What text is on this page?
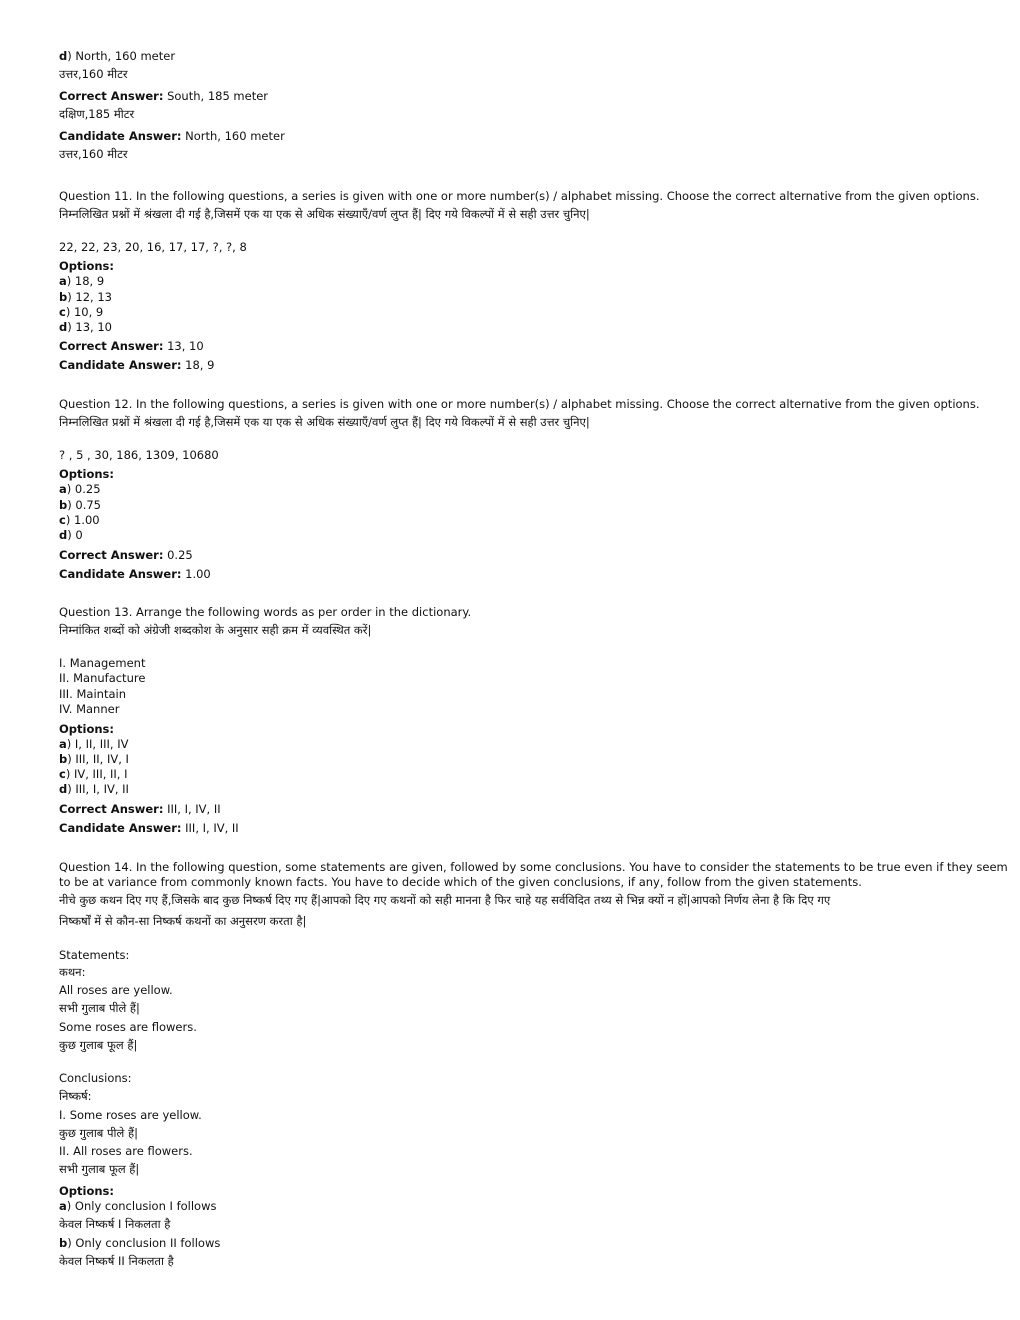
d) North, 160 meter
उत्तर,160 मीटर
Correct Answer: South, 185 meter
दक्षिण,185 मीटर
Candidate Answer: North, 160 meter
उत्तर,160 मीटर
Question 11. In the following questions, a series is given with one or more number(s) / alphabet missing. Choose the correct alternative from the given options.
निम्नलिखित प्रश्नों में श्रंखला दी गई है,जिसमें एक या एक से अधिक संख्याएँ/वर्ण लुप्त हैं| दिए गये विकल्पों में से सही उत्तर चुनिए|
22, 22, 23, 20, 16, 17, 17, ?, ?, 8
Options:
a) 18, 9
b) 12, 13
c) 10, 9
d) 13, 10
Correct Answer: 13, 10
Candidate Answer: 18, 9
Question 12. In the following questions, a series is given with one or more number(s) / alphabet missing. Choose the correct alternative from the given options.
निम्नलिखित प्रश्नों में श्रंखला दी गई है,जिसमें एक या एक से अधिक संख्याएँ/वर्ण लुप्त हैं| दिए गये विकल्पों में से सही उत्तर चुनिए|
? , 5 , 30, 186, 1309, 10680
Options:
a) 0.25
b) 0.75
c) 1.00
d) 0
Correct Answer: 0.25
Candidate Answer: 1.00
Question 13. Arrange the following words as per order in the dictionary.
निम्नांकित शब्दों को अंग्रेजी शब्दकोश के अनुसार सही क्रम में व्यवस्थित करें|
I. Management
II. Manufacture
III. Maintain
IV. Manner
Options:
a) I, II, III, IV
b) III, II, IV, I
c) IV, III, II, I
d) III, I, IV, II
Correct Answer: III, I, IV, II
Candidate Answer: III, I, IV, II
Question 14. In the following question, some statements are given, followed by some conclusions. You have to consider the statements to be true even if they seem
to be at variance from commonly known facts. You have to decide which of the given conclusions, if any, follow from the given statements.
नीचे कुछ कथन दिए गए हैं,जिसके बाद कुछ निष्कर्ष दिए गए हैं|आपको दिए गए कथनों को सही मानना है फिर चाहे यह सर्वविदित तथ्य से भिन्न क्यों न हों|आपको निर्णय लेना है कि दिए गए
निष्कर्षों में से कौन-सा निष्कर्ष कथनों का अनुसरण करता है|
Statements:
कथन:
All roses are yellow.
सभी गुलाब पीले हैं|
Some roses are flowers.
कुछ गुलाब फूल हैं|
Conclusions:
निष्कर्ष:
I. Some roses are yellow.
कुछ गुलाब पीले हैं|
II. All roses are flowers.
सभी गुलाब फूल हैं|
Options:
a) Only conclusion I follows
केवल निष्कर्ष I निकलता है
b) Only conclusion II follows
केवल निष्कर्ष II निकलता है
